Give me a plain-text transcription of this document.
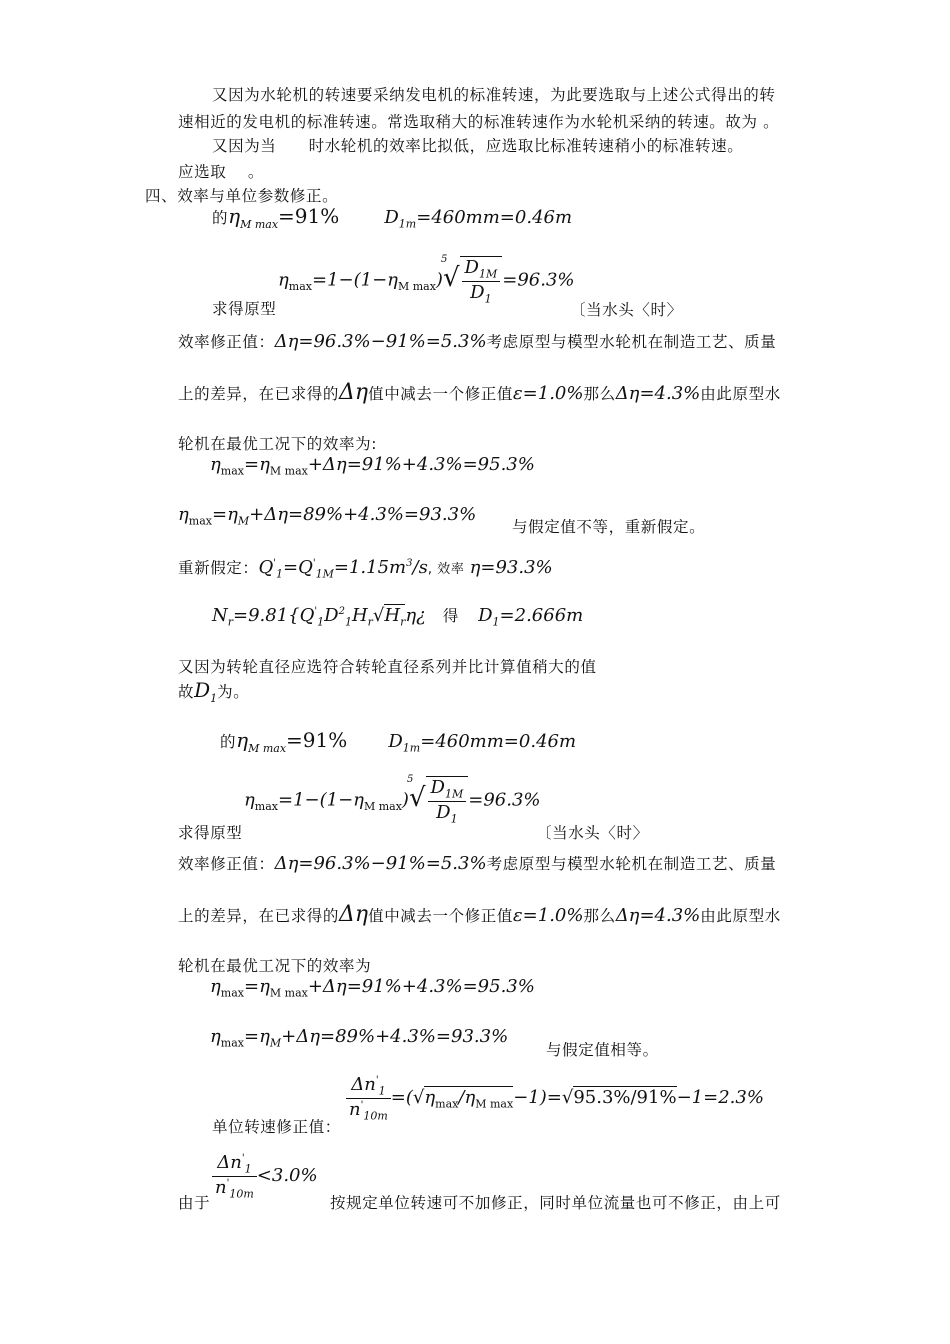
又因为水轮机的转速要采纳发电机的标准转速，为此要选取与上述公式得出的转
速相近的发电机的标准转速。常选取稍大的标准转速作为水轮机采纳的转速。故为 。
又因为当　　时水轮机的效率比拟低，应选取比标准转速稍小的标准转速。
应选取　 。
四、效率与单位参数修正。
的$\eta_{M max}=91\%$	$D_{1m}=460mm=0.46m$
求得原型
$\eta_{max}=1-(1-\eta_{M max})$
5
√ $\frac{D_{1M}}{D_1} =96.3\%$
〔当水头〈时〉
效率修正值：Δη=96.3%−91%=5.3%考虑原型与模型水轮机在制造工艺、质量
上的差异，在已求得的Δη值中减去一个修正值ε=1.0%那么Δη=4.3%由此原型水
轮机在最优工况下的效率为:
$\eta_{max}=\eta_{M max}+\Delta\eta=91\%+4.3\%=95.3\%$
$\eta_{max}=\eta_M+\Delta\eta=89\%+4.3\%=93.3\%$
与假定值不等，重新假定。
重新假定：$Q'_1=Q'_{1M}=1.15m^3/s$, 效率 η=93.3%
$N_r=9.81\{Q'_1D^2_1H_r√H_r\eta¿$ 得 $D_1=2.666m$
又因为转轮直径应选符合转轮直径系列并比计算值稍大的值
故$D_1$为。
的$\eta_{M max}=91\%$ $D_{1m}=460mm=0.46m$
求得原型
$\eta_{max}=1-(1-\eta_{M max})$
5
√ $\frac{D_{1M}}{D_1} =96.3\%$
〔当水头〈时〉
效率修正值：Δη=96.3%−91%=5.3%考虑原型与模型水轮机在制造工艺、质量
上的差异，在已求得的Δη值中减去一个修正值ε=1.0%那么Δη=4.3%由此原型水
轮机在最优工况下的效率为
$\eta_{max}=\eta_{M max}+\Delta\eta=91\%+4.3\%=95.3\%$
$\eta_{max}=\eta_M+\Delta\eta=89\%+4.3\%=93.3\%$
与假定值相等。
$\frac{\Delta n'_1}{n'_{10m}} =(√\eta_{max}/\eta_{M max}-1)=√95.3\%/91\%-1=2.3\%$
单位转速修正值：
$\frac{\Delta n'_1}{n'_{10m}} <3.0\%$
由于	按规定单位转速可不加修正，同时单位流量也可不修正，由上可
